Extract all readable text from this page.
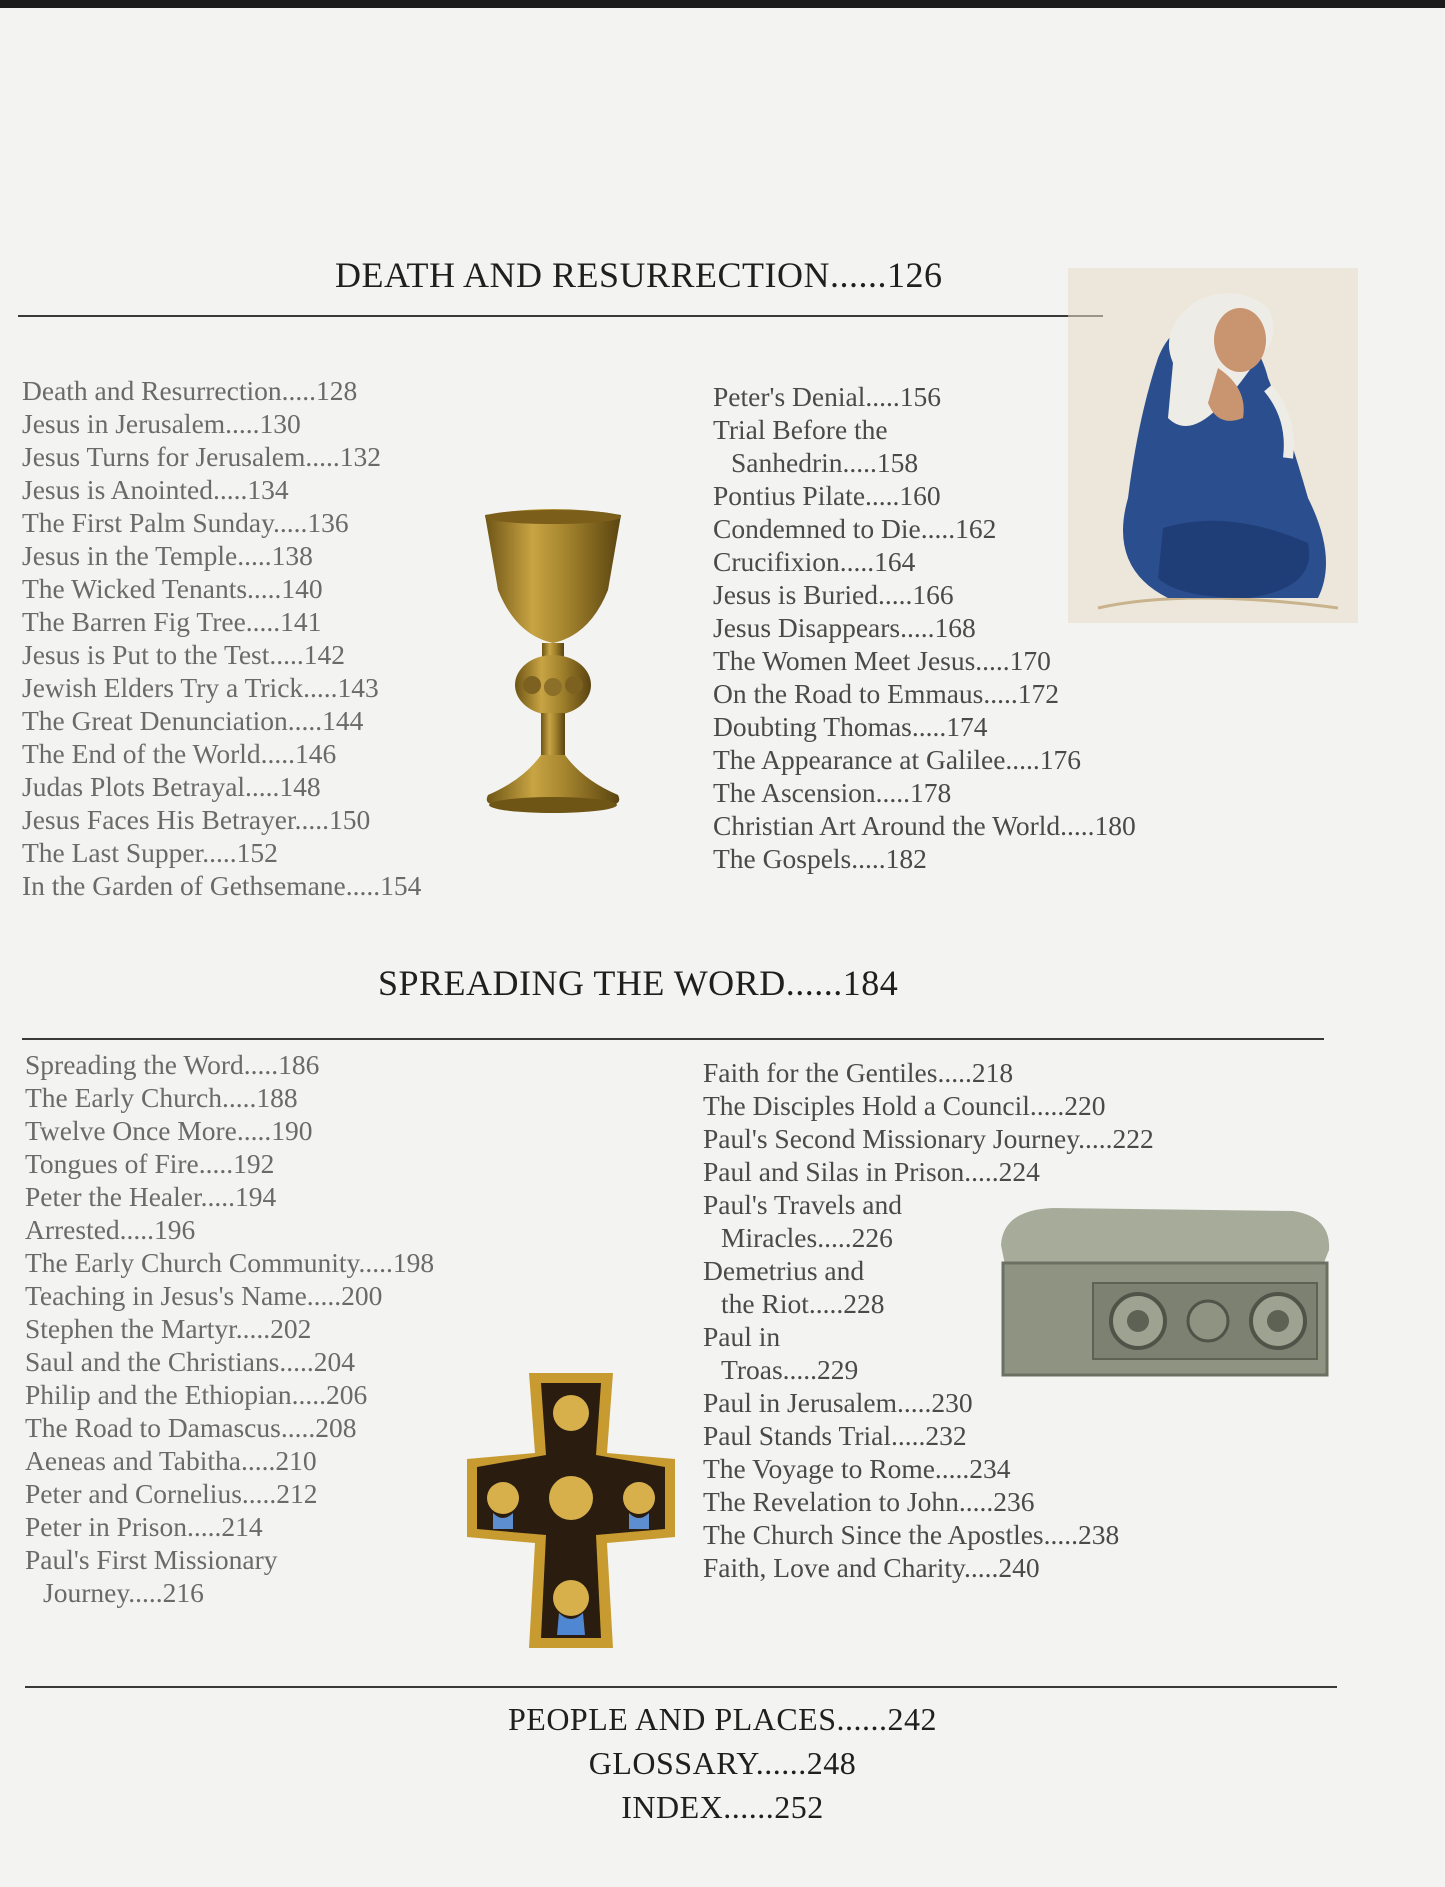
DEATH AND RESURRECTION......126
Death and Resurrection.....128
Jesus in Jerusalem.....130
Jesus Turns for Jerusalem.....132
Jesus is Anointed.....134
The First Palm Sunday.....136
Jesus in the Temple.....138
The Wicked Tenants.....140
The Barren Fig Tree.....141
Jesus is Put to the Test.....142
Jewish Elders Try a Trick.....143
The Great Denunciation.....144
The End of the World.....146
Judas Plots Betrayal.....148
Jesus Faces His Betrayer.....150
The Last Supper.....152
In the Garden of Gethsemane.....154
Peter's Denial.....156
Trial Before the
Sanhedrin.....158
Pontius Pilate.....160
Condemned to Die.....162
Crucifixion.....164
Jesus is Buried.....166
Jesus Disappears.....168
The Women Meet Jesus.....170
On the Road to Emmaus.....172
Doubting Thomas.....174
The Appearance at Galilee.....176
The Ascension.....178
Christian Art Around the World.....180
The Gospels.....182
SPREADING THE WORD......184
Spreading the Word.....186
The Early Church.....188
Twelve Once More.....190
Tongues of Fire.....192
Peter the Healer.....194
Arrested.....196
The Early Church Community.....198
Teaching in Jesus's Name.....200
Stephen the Martyr.....202
Saul and the Christians.....204
Philip and the Ethiopian.....206
The Road to Damascus.....208
Aeneas and Tabitha.....210
Peter and Cornelius.....212
Peter in Prison.....214
Paul's First Missionary
Journey.....216
Faith for the Gentiles.....218
The Disciples Hold a Council.....220
Paul's Second Missionary Journey.....222
Paul and Silas in Prison.....224
Paul's Travels and
Miracles.....226
Demetrius and
the Riot.....228
Paul in
Troas.....229
Paul in Jerusalem.....230
Paul Stands Trial.....232
The Voyage to Rome.....234
The Revelation to John.....236
The Church Since the Apostles.....238
Faith, Love and Charity.....240
PEOPLE AND PLACES......242
GLOSSARY......248
INDEX......252
